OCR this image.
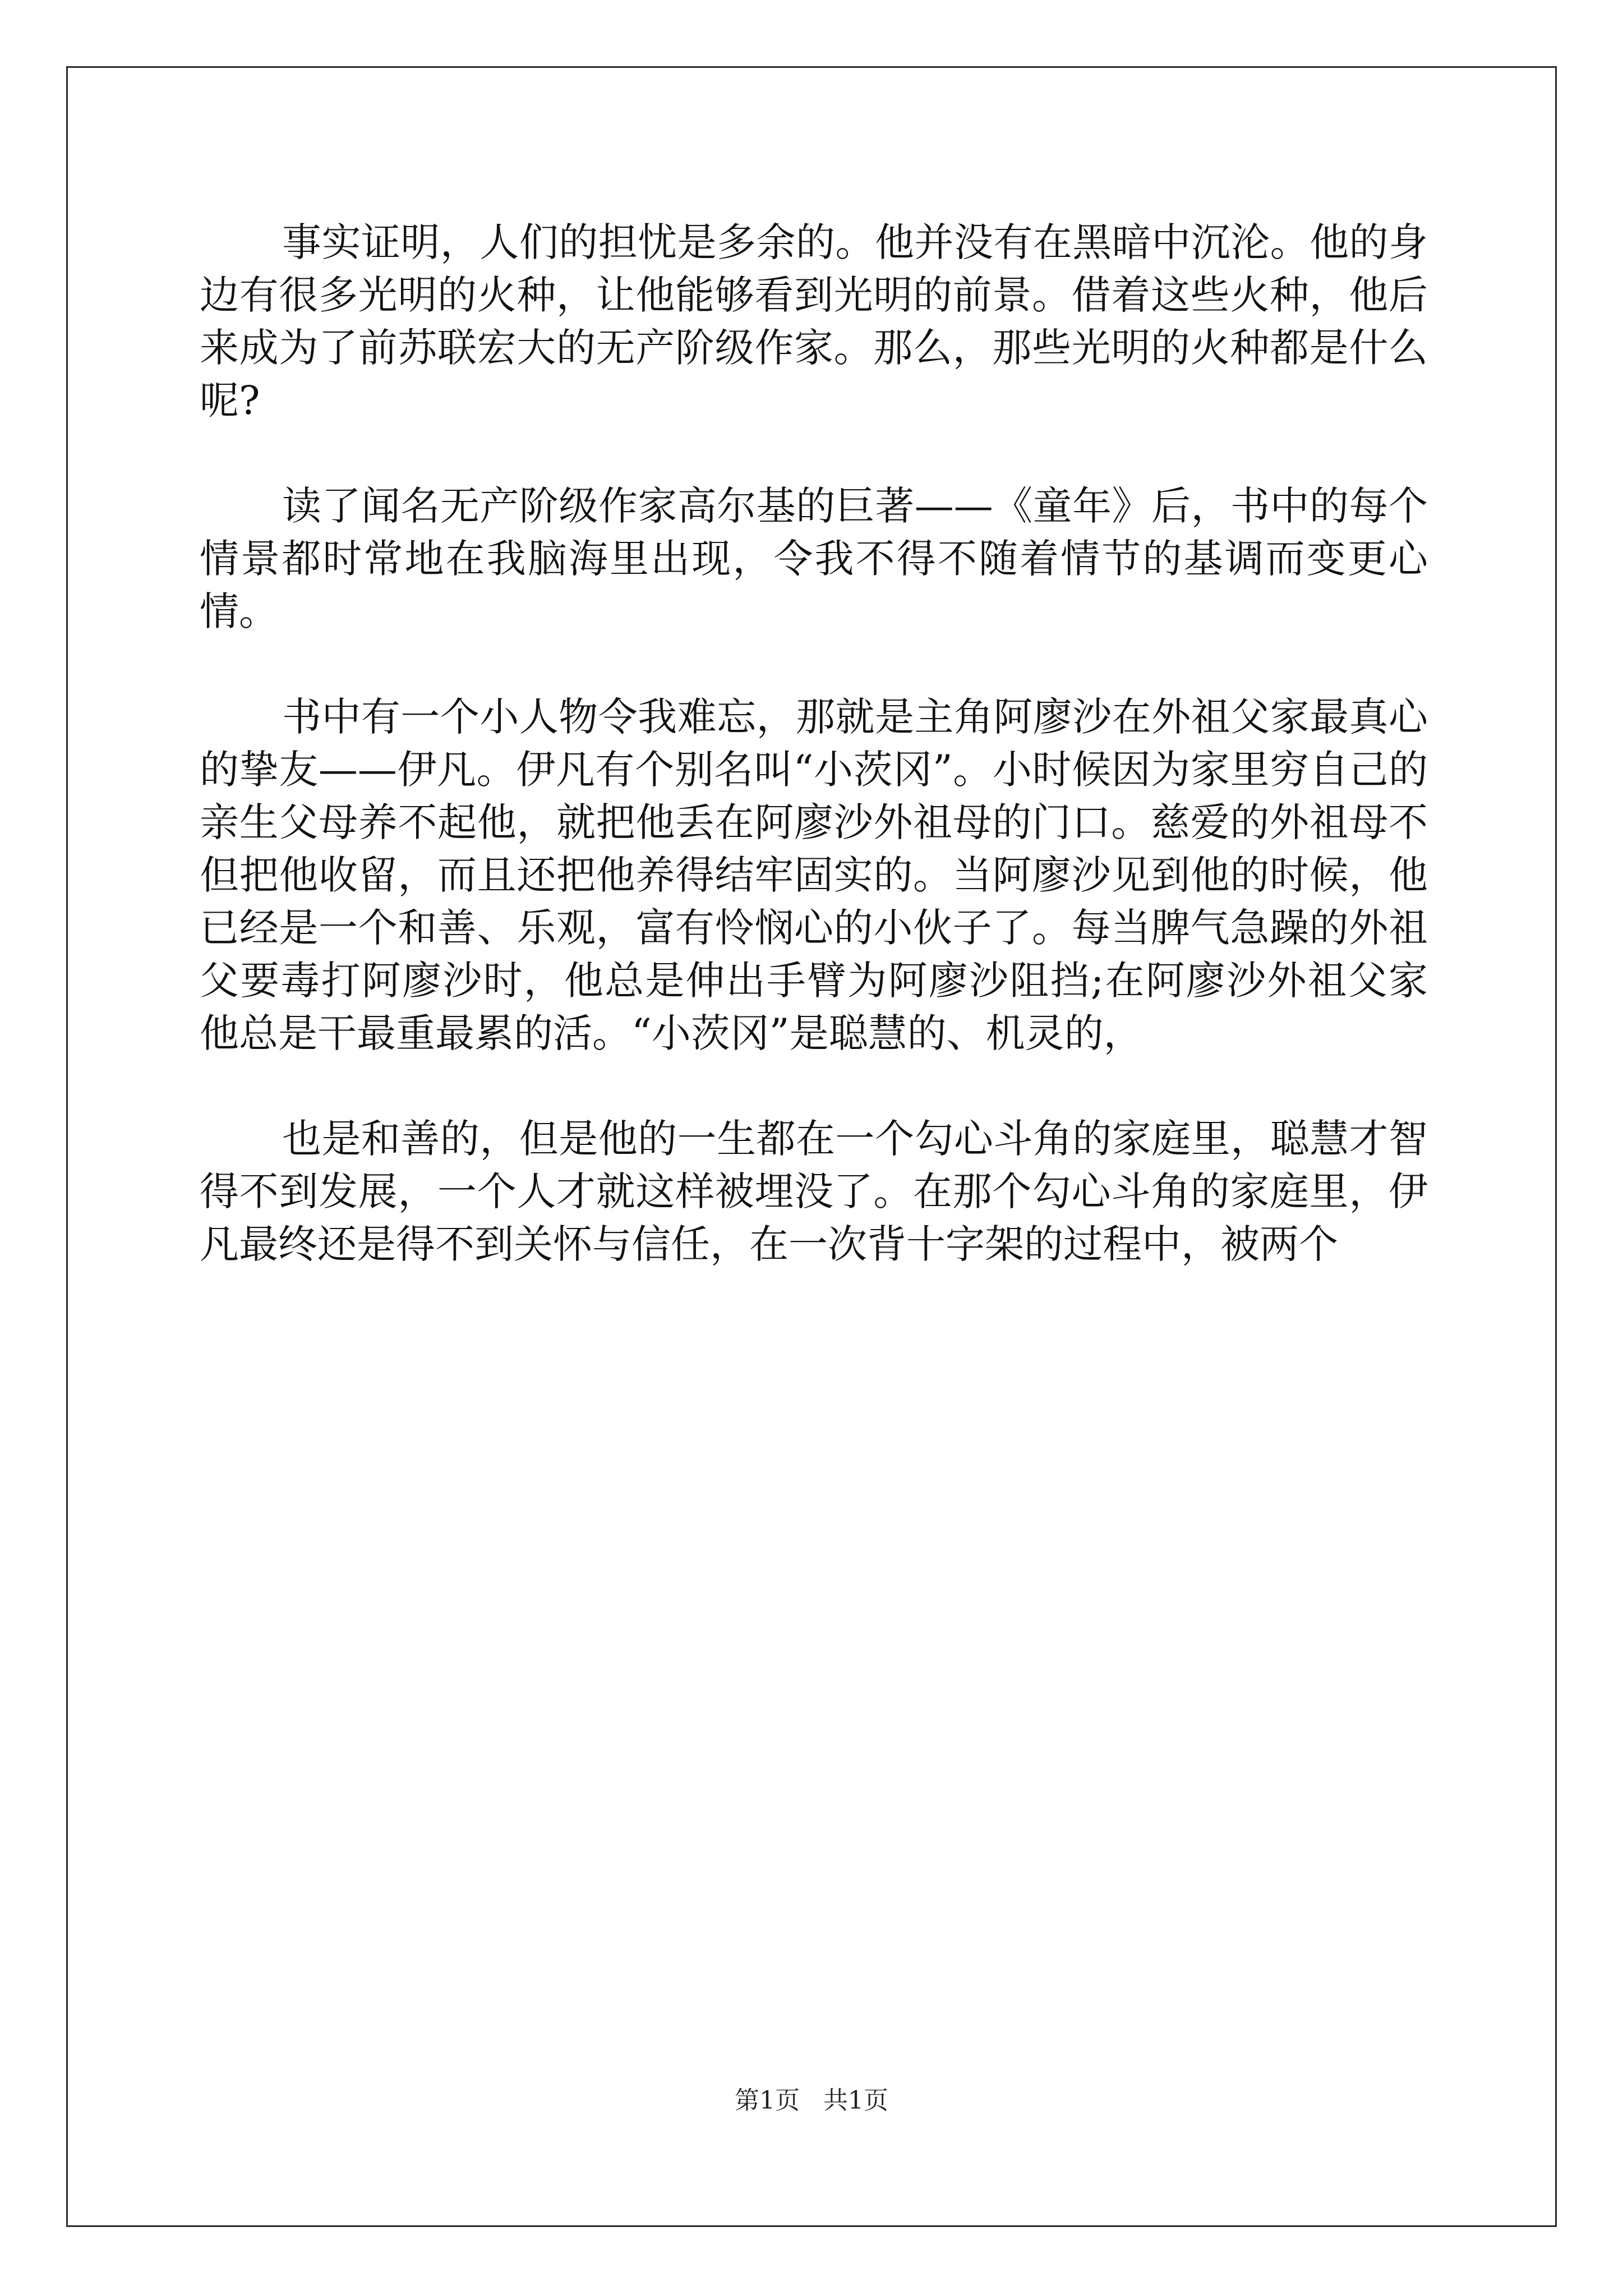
事实证明，人们的担忧是多余的。他并没有在黑暗中沉沦。他的身边有很多光明的火种，让他能够看到光明的前景。借着这些火种，他后来成为了前苏联宏大的无产阶级作家。那么，那些光明的火种都是什么呢?

读了闻名无产阶级作家高尔基的巨著——《童年》后，书中的每个情景都时常地在我脑海里出现，令我不得不随着情节的基调而变更心情。

书中有一个小人物令我难忘，那就是主角阿廖沙在外祖父家最真心的挚友——伊凡。伊凡有个别名叫“小茨冈”。小时候因为家里穷自己的亲生父母养不起他，就把他丢在阿廖沙外祖母的门口。慈爱的外祖母不但把他收留，而且还把他养得结牢固实的。当阿廖沙见到他的时候，他已经是一个和善、乐观，富有怜悯心的小伙子了。每当脾气急躁的外祖父要毒打阿廖沙时，他总是伸出手臂为阿廖沙阻挡;在阿廖沙外祖父家他总是干最重最累的活。“小茨冈”是聪慧的、机灵的，

也是和善的，但是他的一生都在一个勾心斗角的家庭里，聪慧才智得不到发展，一个人才就这样被埋没了。在那个勾心斗角的家庭里，伊凡最终还是得不到关怀与信任，在一次背十字架的过程中，被两个

第1页 共1页
